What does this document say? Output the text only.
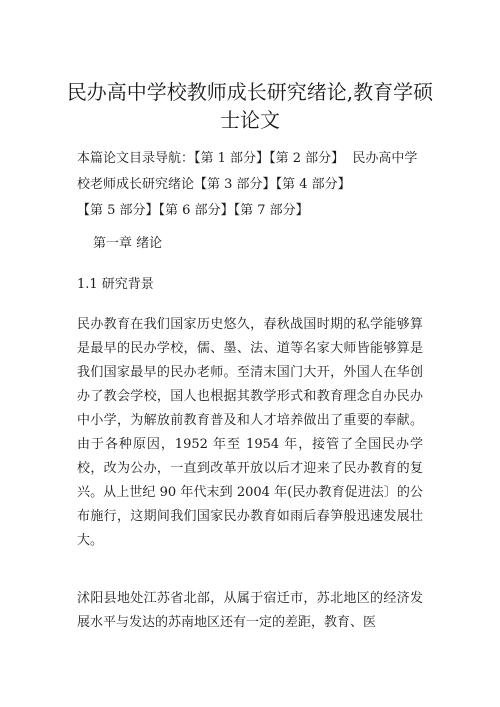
民办高中学校教师成长研究绪论,教育学硕士论文

本篇论文目录导航：【第 1 部分】【第 2 部分】 民办高中学校老师成长研究绪论【第 3 部分】【第 4 部分】【第 5 部分】【第 6 部分】【第 7 部分】

第一章 绪论

1.1 研究背景

民办教育在我们国家历史悠久，春秋战国时期的私学能够算是最早的民办学校，儒、墨、法、道等名家大师皆能够算是我们国家最早的民办老师。至清末国门大开，外国人在华创办了教会学校，国人也根据其教学形式和教育理念自办民办中小学，为解放前教育普及和人才培养做出了重要的奉献。由于各种原因，1952 年至 1954 年，接管了全国民办学校，改为公办，一直到改革开放以后才迎来了民办教育的复兴。从上世纪 90 年代末到 2004 年(民办教育促进法〕的公布施行，这期间我们国家民办教育如雨后春笋般迅速发展壮大。

沭阳县地处江苏省北部，从属于宿迁市，苏北地区的经济发展水平与发达的苏南地区还有一定的差距，教育、医
